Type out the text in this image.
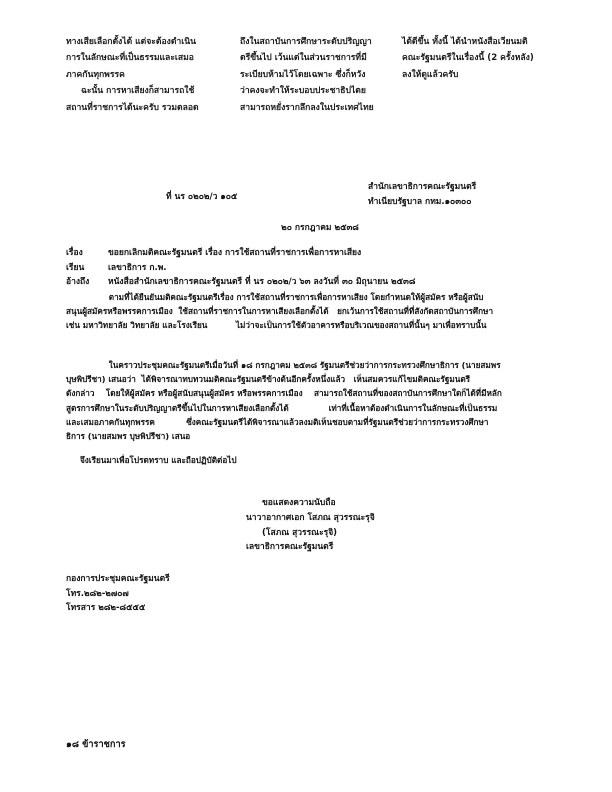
ทางเสียเลือกตั้งได้ แต่จะต้องดำเนิน

การในลักษณะที่เป็นธรรมและเสมอ

ภาคกันทุกพรรค

ฉะนั้น การหาเสียงก็สามารถใช้

สถานที่ราชการได้นะครับ รวมตลอด

ถึงในสถาบันการศึกษาระดับปริญญา

ตรีขึ้นไป เว้นแต่ในส่วนราชการที่มี

ระเบียบห้ามไว้โดยเฉพาะ ซึ่งก็หวัง

ว่าคงจะทำให้ระบอบประชาธิปไตย

สามารถหยั่งรากลึกลงในประเทศไทย

ได้ดีขึ้น ทั้งนี้ ได้นำหนังสือเวียนมติ

คณะรัฐมนตรีในเรื่องนี้ (2 ครั้งหลัง)

ลงให้ดูแล้วครับ

ที่ นร ๐๒๐๒/ว ๑๐๕

สำนักเลขาธิการคณะรัฐมนตรี

ทำเนียบรัฐบาล กทม.๑๐๓๐๐

๒๐ กรกฎาคม ๒๕๓๘
เรื่อง	ขอยกเลิกมติคณะรัฐมนตรี เรื่อง การใช้สถานที่ราชการเพื่อการหาเสียง
เรียน	เลขาธิการ ก.พ.
อ้างถึง หนังสือสำนักเลขาธิการคณะรัฐมนตรี ที่ นร ๐๒๐๒/ว ๖๓ ลงวันที่ ๓๐ มิถุนายน ๒๕๓๘

ตามที่ได้ยืนยันมติคณะรัฐมนตรีเรื่อง การใช้สถานที่ราชการเพื่อการหาเสียง โดยกำหนดให้ผู้สมัคร หรือผู้สนับ

สนุนผู้สมัครหรือพรรคการเมือง  ใช้สถานที่ราชการในการหาเสียงเลือกตั้งได้   ยกเว้นการใช้สถานที่ที่สังกัดสถาบันการศึกษา

เช่น มหาวิทยาลัย วิทยาลัย และโรงเรียน          ไม่ว่าจะเป็นการใช้ตัวอาคารหรือบริเวณของสถานที่นั้นๆ มาเพื่อทราบนั้น

ในคราวประชุมคณะรัฐมนตรีเมื่อวันที่ ๑๘ กรกฎาคม ๒๕๓๘ รัฐมนตรีช่วยว่าการกระทรวงศึกษาธิการ (นายสมพร

บุษพิปรีชา) เสนอว่า  ได้พิจารณาทบทวนมติคณะรัฐมนตรีข้างต้นอีกครั้งหนึ่งแล้ว   เห็นสมควรแก้ไขมติคณะรัฐมนตรี

ดังกล่าว    โดยให้ผู้สมัคร หรือผู้สนับสนุนผู้สมัคร หรือพรรคการเมือง    สามารถใช้สถานที่ของสถาบันการศึกษาใดก็ได้ที่มีหลัก

สูตรการศึกษาในระดับปริญญาตรีขึ้นไปในการหาเสียงเลือกตั้งได้              เท่าที่เนื้อหาต้องดำเนินการในลักษณะที่เป็นธรรม

และเสมอภาคกันทุกพรรค           ซึ่งคณะรัฐมนตรีได้พิจารณาแล้วลงมติเห็นชอบตามที่รัฐมนตรีช่วยว่าการกระทรวงศึกษา

ธิการ (นายสมพร บุษพิปรีชา) เสนอ

จึงเรียนมาเพื่อโปรดทราบ และถือปฏิบัติต่อไป

ขอแสดงความนับถือ

นาวาอากาศเอก โสภณ สุวรรณะรุจิ

(โสภณ สุวรรณะรุจิ)

เลขาธิการคณะรัฐมนตรี

กองการประชุมคณะรัฐมนตรี

โทร.๒๘๒-๒๗๐๗

โทรสาร ๒๘๒-๘๕๕๕

๑๘ ข้าราชการ
